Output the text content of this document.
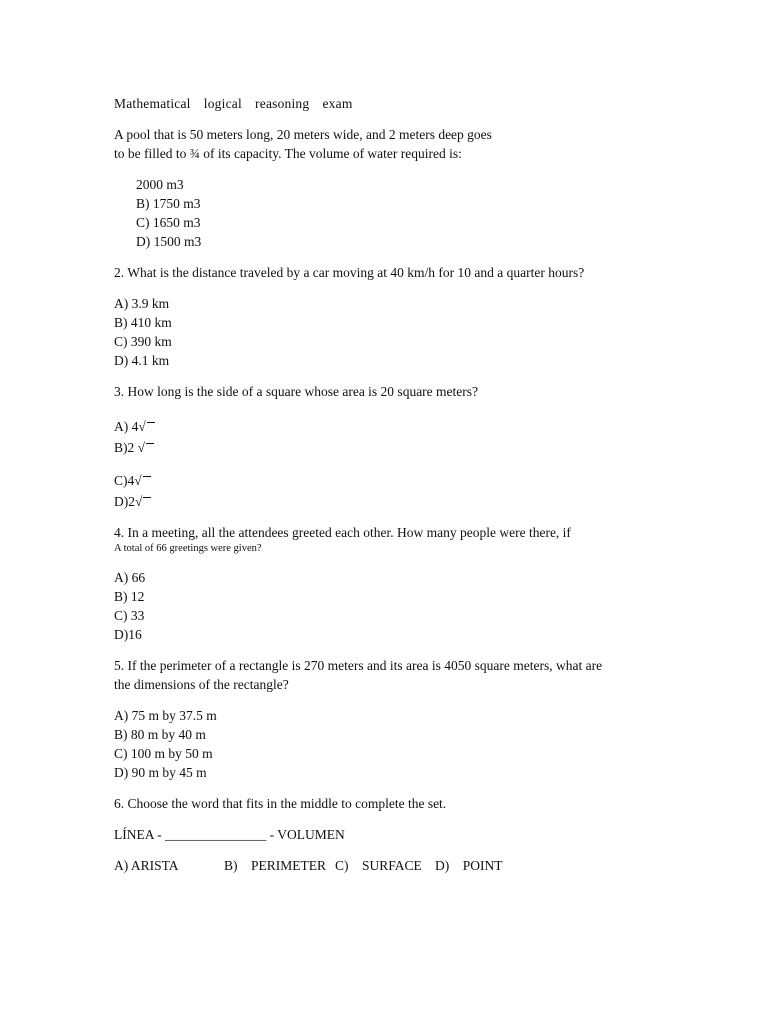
Mathematical  logical  reasoning  exam
A pool that is 50 meters long, 20 meters wide, and 2 meters deep goes
to be filled to ¾ of its capacity. The volume of water required is:
2000 m3
B) 1750 m3
C) 1650 m3
D) 1500 m3
2. What is the distance traveled by a car moving at 40 km/h for 10 and a quarter hours?
A) 3.9 km
B) 410 km
C) 390 km
D) 4.1 km
3. How long is the side of a square whose area is 20 square meters?
A) 4√
B)2 √
C)4√
D)2√
4. In a meeting, all the attendees greeted each other. How many people were there, if
A total of 66 greetings were given?
A) 66
B) 12
C) 33
D)16
5. If the perimeter of a rectangle is 270 meters and its area is 4050 square meters, what are
the dimensions of the rectangle?
A) 75 m by 37.5 m
B) 80 m by 40 m
C) 100 m by 50 m
D) 90 m by 45 m
6. Choose the word that fits in the middle to complete the set.
LÍNEA - _______________ - VOLUMEN
A) ARISTA	B)    PERIMETER C)    SURFACE D)    POINT
